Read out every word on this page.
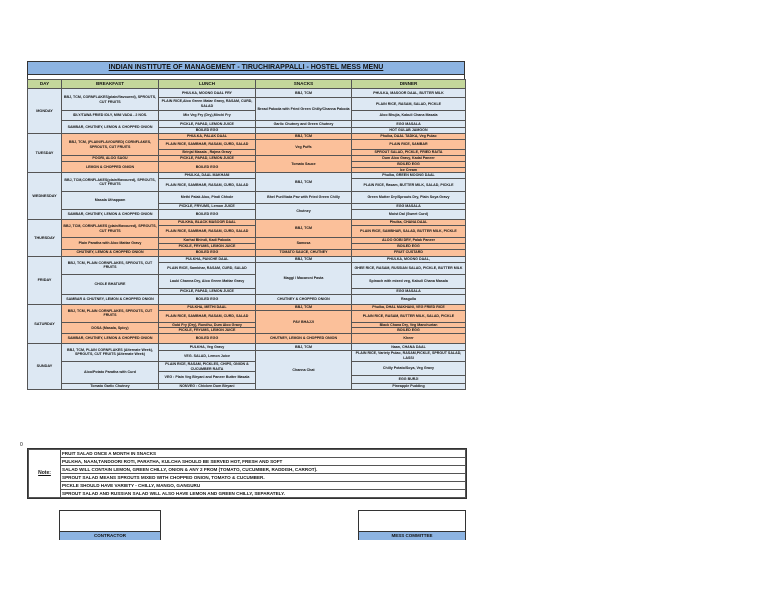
INDIAN INSTITUTE OF MANAGEMENT - TIRUCHIRAPPALLI - HOSTEL MESS MENU
DAY	BREAKFAST	LUNCH	SNACKS	DINNER
MONDAY	BBJ, TCM, CORNFLAKES(plain/flavoured), SPROUTS, CUT FRUITS	PHULKA, MOONG DAAL FRY	BBJ, TCM	PHULKA, MASOOR DAAL, BUTTER MILK
		PLAIN RICE,Aloo Green Matar Gravy, RASAM, CURD, SALAD	Bread Pakoda with Fried Green Chilly/Channa Pakoda	PLAIN RICE, RASAM, SALAD, PICKLE
	IDLY/TAWA FRIED IDLY, MINI VADA - 2 NOS.	Mix Veg Fry (Dry),Mirchi Fry		Aloo Bhujia, Kabuli Chana Masala
	SAMBAR, CHUTNEY, LEMON & CHOPPED ONION	PICKLE, PAPAD, LEMON JUICE	Garlic Chutney and Green Chutney	EGG MASALA
		BOILED EGG		HOT GULAB JAMOON
TUESDAY	BBJ, TCM, (PLAIN/FLAVOURED) CORNFLAKES, SPROUTS, CUT FRUITS	PHULKA, PALAK DAAL	BBJ, TCM	Phulka, DAAL TADKA, Veg Pulao
		PLAIN RICE, SAMBHAR, RASAM, CURD, SALAD	Veg Puffs	PLAIN RICE, SAMBAR
		Brinjal Masala , Rajma Gravy		SPROUT SALAD, PICKLE, FRIED RAITA
	POORI, ALOO SAGU	PICKLE, PAPAD, LEMON JUICE	Tomato Sauce	Dum Aloo Gravy, Kadai Paneer
	LEMON & CHOPPED ONION	BOILED EGG		BOILED EGG
				Ice Cream
WEDNESDAY	BBJ, TCM,CORNFLAKES(plain/flavoured), SPROUTS, CUT FRUITS	PHULKA, DAAL MAKHANI	BBJ, TCM	Phulka, GREEN MOONG DAAL
		PLAIN RICE, SAMBHAR, RASAM, CURD, SALAD		PLAIN RICE, Rasam, BUTTER MILK, SALAD, PICKLE
	Masala Uthappam	Methi Palak Aloo, Pindi Chhole	Bhel Puri/Vada Pav with Fried Green Chilly	Green Mutter Dry/Sprouts Dry, Plain Soya Gravy
		PICKLE, FRYUMS, Lemon JUICE	Chutney	EGG MASALA
	SAMBAR, CHUTNEY, LEMON & CHOPPED ONION	BOILED EGG		Moist Dal (Sweet Curd)

THURSDAY	BBJ, TCM, CORNFLAKES (plain/flavoured), SPROUTS, CUT FRUITS	PULKHA, BLACK MASOOR DAAL	BBJ, TCM	Phulka, CHANA DAAL
		PLAIN RICE, SAMBHAR, RASAM, CURD, SALAD		PLAIN RICE, SAMBHAR, SALAD, BUTTER MILK, PICKLE
	Plain Paratha with Aloo Mattar Gravy	Karhai Bhindi, Kadi Pakoda	Samosa	ALOO GOBI DRY, Palak Paneer
		PICKLE, FRYUMS, LEMON JUICE		BOILED EGG
	CHUTNEY, LEMON & CHOPPED ONION	BOILED EGG	TOMATO SAUCE, CHUTNEY	FRUIT CUSTARD

FRIDAY	BBJ, TCM, PLAIN CORNFLAKES, SPROUTS, CUT FRUITS	PULKHA, PANCHE DAAL	BBJ, TCM	PHULKA, MOONG DAAL,
		PLAIN RICE, Sambhar, RASAM, CURD, SALAD	Maggi / Macaroni Pasta	GHEE RICE, RASAM, RUSSIAN SALAD, PICKLE, BUTTER MILK
	CHOLE BHATURE	Lauki Channa Dry, Aloo Green Mattar Gravy		Spinach with mixed veg, Kabuli Chana Masala
		PICKLE, PAPAD, LEMON JUICE		EGG MASALA
	SAMBAR & CHUTNEY, LEMON & CHOPPED ONION	BOILED EGG	CHUTNEY & CHOPPED ONION	Rasgulla

SATURDAY	BBJ, TCM, PLAIN CORNFLAKES, SPROUTS, CUT FRUITS	PULKHA, METHI DAAL	BBJ, TCM	Phulka, DHAL MAKHANI, VEG FRIED RICE
		PLAIN RICE, SAMBHAR, RASAM, CURD, SALAD	PAV BHAJJI	PLAIN RICE, RASAM, BUTTER MILK, SALAD, PICKLE
	DOSA (Masala, Spicy)	Gobi Fry (Dry), Rundhu, Dum Aloo Gravy		Black Chana Dry, Veg Manchurian
		PICKLE, FRYUMS, LEMON JUICE		BOILED EGG
	SAMBAR, CHUTNEY, LEMON & CHOPPED ONION	BOILED EGG	CHUTNEY, LEMON & CHOPPED ONION	Kheer

SUNDAY	BBJ, TCM, PLAIN CORNFLAKES (Alternate Week), SPROUTS, CUT FRUITS (Alternate Week)	PULKHA, Veg Gravy	BBJ, TCM	Naan, CHANA DAAL
		VEG. SALAD, Lemon Juice	Channa Chat	PLAIN RICE, Variety Pulao, RASAM,PICKLE, SPROUT SALAD, LASSI
	Aloo/Potato Paratha with Curd	PLAIN RICE, RASAM, PICKLES, CHIPS, ONION & CUCUMBER RAITA		Chilly Potato/Soya, Veg Gravy
		VEG : Plain Veg Biryani and Paneer Butter Masala		
				EGG BURJI
	Tomato Garlic Chutney	NONVEG : Chicken Dum Biryani		Pineapple Pudding
0
Note:	FRUIT SALAD ONCE A MONTH IN SNACKS
PULKHA, NAAN,TANDOORI ROTI, PARATHA, KULCHA SHOULD BE SERVED HOT, FRESH AND SOFT
SALAD WILL CONTAIN LEMON, GREEN CHILLY, ONION & ANY 2 FROM (TOMATO, CUCUMBER, RADDISH, CARROT).
SPROUT SALAD MEANS SPROUTS MIXED WITH CHOPPED ONION, TOMATO & CUCUMBER.
PICKLE SHOULD HAVE VARIETY - CHILLY, MANGO, GANGURU
SPROUT SALAD AND RUSSIAN SALAD WILL ALSO HAVE LEMON AND GREEN CHILLY, SEPARATELY.
CONTRACTOR	MESS COMMITTEE
